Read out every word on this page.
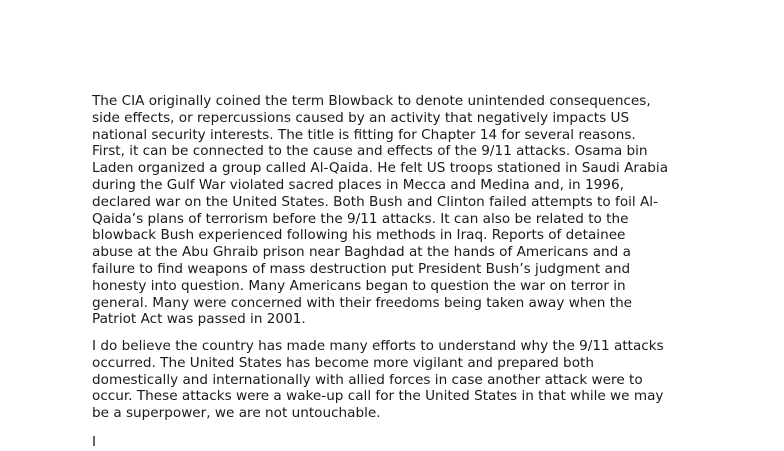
The CIA originally coined the term Blowback to denote unintended consequences,
side effects, or repercussions caused by an activity that negatively impacts US
national security interests. The title is fitting for Chapter 14 for several reasons.
First, it can be connected to the cause and effects of the 9/11 attacks. Osama bin
Laden organized a group called Al-Qaida. He felt US troops stationed in Saudi Arabia
during the Gulf War violated sacred places in Mecca and Medina and, in 1996,
declared war on the United States. Both Bush and Clinton failed attempts to foil Al-
Qaida’s plans of terrorism before the 9/11 attacks. It can also be related to the
blowback Bush experienced following his methods in Iraq. Reports of detainee
abuse at the Abu Ghraib prison near Baghdad at the hands of Americans and a
failure to find weapons of mass destruction put President Bush’s judgment and
honesty into question. Many Americans began to question the war on terror in
general. Many were concerned with their freedoms being taken away when the
Patriot Act was passed in 2001.
I do believe the country has made many efforts to understand why the 9/11 attacks
occurred. The United States has become more vigilant and prepared both
domestically and internationally with allied forces in case another attack were to
occur. These attacks were a wake-up call for the United States in that while we may
be a superpower, we are not untouchable.
I
